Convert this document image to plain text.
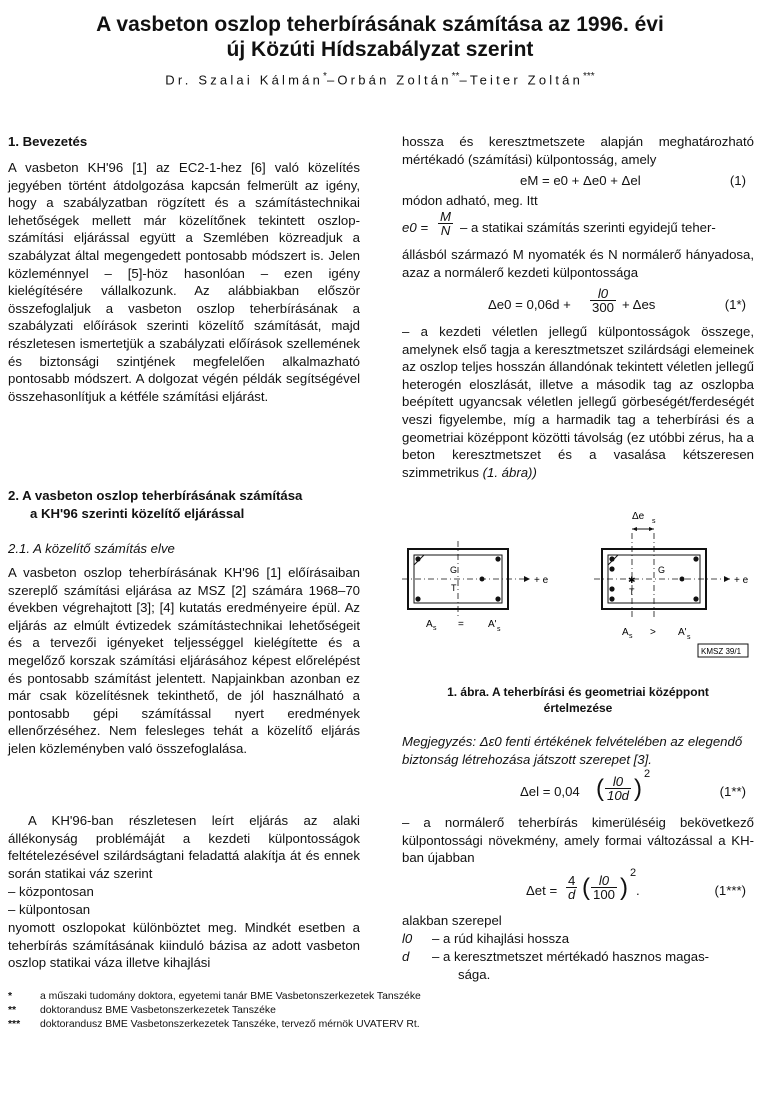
A vasbeton oszlop teherbírásának számítása az 1996. évi
új Közúti Hídszabályzat szerint
Dr. Szalai Kálmán*–Orbán Zoltán**–Teiter Zoltán***
1. Bevezetés

A vasbeton KH'96 [1] az EC2-1-hez [6] való közelítés jegyében történt átdolgozása kapcsán felmerült az igény, hogy a szabályzatban rögzített és a számítástechnikai lehetőségek mellett már közelítőnek tekintett oszlop-számítási eljárással együtt a Szemlében közreadjuk a szabályzat által megengedett pontosabb módszert is. Jelen közleménnyel – [5]-höz hasonlóan – ezen igény kielégítésére vállalkozunk. Az alábbiakban először összefoglaljuk a vasbeton oszlop teherbírásának a szabályzati előírások szerinti közelítő számítását, majd részletesen ismertetjük a szabályzati előírások szellemének és biztonsági szintjének megfelelően alkalmazható pontosabb módszert. A dolgozat végén példák segítségével összehasonlítjuk a kétféle számítási eljárást.

2. A vasbeton oszlop teherbírásának számítása
a KH'96 szerinti közelítő eljárással
2.1. A közelítő számítás elve

A vasbeton oszlop teherbírásának KH'96 [1] előírásaiban szereplő számítási eljárása az MSZ [2] számára 1968–70 években végrehajtott [3]; [4] kutatás eredményeire épül. Az eljárás az elmúlt évtizedek számítástechnikai lehetőségeit és a tervezői igényeket teljességgel kielégítette és a megelőző korszak számítási eljárásához képest előrelépést és pontosabb számítást jelentett. Napjainkban azonban ez már csak közelítésnek tekinthető, de jól használható a pontosabb gépi számítással nyert eredmények ellenőrzéséhez. Nem felesleges tehát a közelítő eljárás jelen közleményben való összefoglalása.

A KH'96-ban részletesen leírt eljárás az alaki állékonyság problémáját a kezdeti külpontosságok feltételezésével szilárdságtani feladattá alakítja át és ennek során statikai váz szerint

– központosan
– külpontosan

nyomott oszlopokat különböztet meg. Mindkét esetben a teherbírás számításának kiinduló bázisa az adott vasbeton oszlop statikai váza illetve kihajlási

hossza és keresztmetszete alapján meghatározható mértékadó (számítási) külpontosság, amely

eM = e0 + Δe0 + Δel	(1)

módon adható, meg. Itt

$e0 = \frac{M}{N} - a$ statikai számítás szerinti egyidejű teher-

állásból származó M nyomaték és N normálerő hányadosa, azaz a normálerő kezdeti külpontossága

$\Delta e0 = 0,06d + \frac{l0}{300} + \Delta es$	(1*)

– a kezdeti véletlen jellegű külpontosságok összege, amelynek első tagja a keresztmetszet szilárdsági elemeinek az oszlop teljes hosszán állandónak tekintett véletlen jellegű heterogén eloszlását, illetve a második tag az oszlopba beépített ugyancsak véletlen jellegű görbeségét/ferdeségét veszi figyelembe, míg a harmadik tag a teherbírási és a geometriai középpont közötti távolság (ez utóbbi zérus, ha a beton keresztmetszet és a vasalása kétszeresen szimmetrikus (1. ábra))

Megjegyzés: Δε0 fenti értékének felvételében az elegendő biztonság létrehozása játszott szerepet [3].

Δel = 0,04 ( $\frac{l0}{10d}$ )
2
(1**)

– a normálerő teherbírás kimerüléséig bekövetkező külpontossági növekmény, amely formai változással a KH-ban újabban

$\Delta et = \frac{4}{d}$ ( $\frac{l0}{100}$ )
2
.	(1***)

alakban szerepel

l0 – a rúd kihajlási hossza
d – a keresztmetszet mértékadó hasznos magas-
sága.
G
T
+ e
A s = A' s
✱
Δe s
G
T
+ e
A s > A' s
KMSZ 39/1
1. ábra. A teherbírási és geometriai középpont
értelmezése
*	a műszaki tudomány doktora, egyetemi tanár BME Vasbetonszerkezetek Tanszéke
** doktorandusz BME Vasbetonszerkezetek Tanszéke
*** doktorandusz BME Vasbetonszerkezetek Tanszéke, tervező mérnök UVATERV Rt.
